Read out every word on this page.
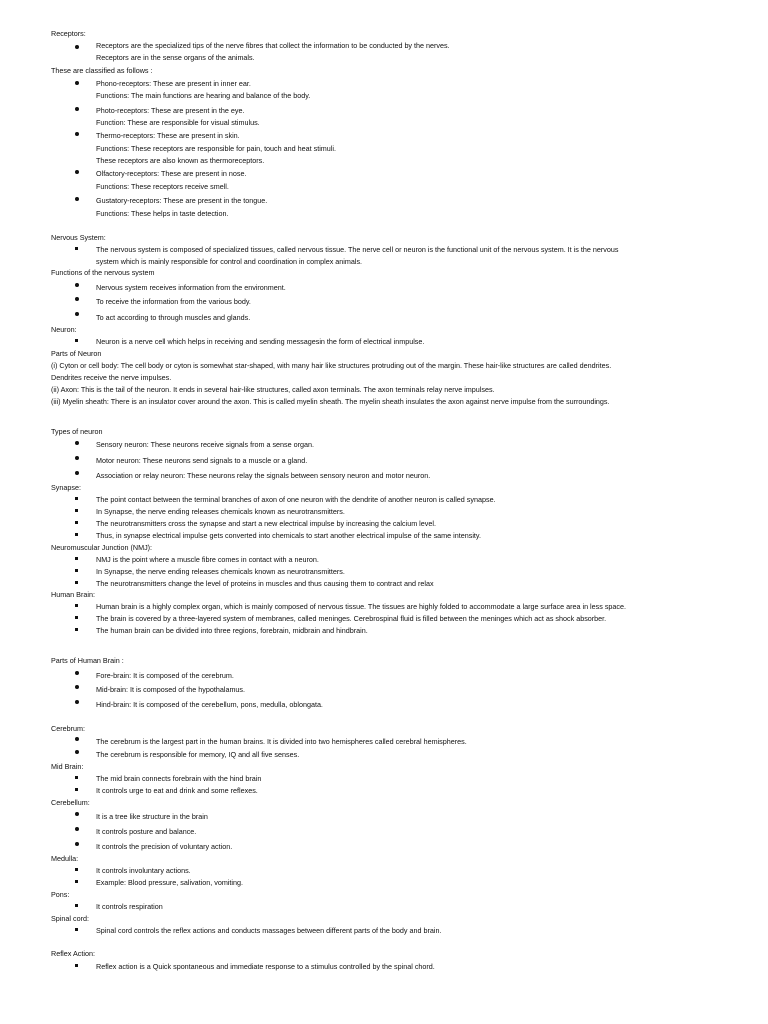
Receptors:
Receptors are the specialized tips of the nerve fibres that collect the information to be conducted by the nerves.
Receptors are in the sense organs of the animals.
These are classified as follows :
Phono-receptors: These are present in inner ear.
Functions: The main functions are hearing and balance of the body.
Photo-receptors: These are present in the eye.
Function: These are responsible for visual stimulus.
Thermo-receptors: These are present in skin.
Functions: These receptors are responsible for pain, touch and heat stimuli.
These receptors are also known as thermoreceptors.
Olfactory-receptors: These are present in nose.
Functions: These receptors receive smell.
Gustatory-receptors: These are present in the tongue.
Functions: These helps in taste detection.
Nervous System:
The nervous system is composed of specialized tissues, called nervous tissue. The nerve cell or neuron is the functional unit of the nervous system. It is the nervous
system which is mainly responsible for control and coordination in complex animals.
Functions of the nervous system
Nervous system receives information from the environment.
To receive the information from the various body.
To act according to through muscles and glands.
Neuron:
Neuron is a nerve cell which helps in receiving and sending messagesin the form of electrical inmpulse.
Parts of Neuron
(i) Cyton or cell body: The cell body or cyton is somewhat star-shaped, with many hair like structures protruding out of the margin. These hair-like structures are called dendrites.
Dendrites receive the nerve impulses.
(ii) Axon: This is the tail of the neuron. It ends in several hair-like structures, called axon terminals. The axon terminals relay nerve impulses.
(iii) Myelin sheath: There is an insulator cover around the axon. This is called myelin sheath. The myelin sheath insulates the axon against nerve impulse from the surroundings.
Types of neuron
Sensory neuron: These neurons receive signals from a sense organ.
Motor neuron: These neurons send signals to a muscle or a gland.
Association or relay neuron: These neurons relay the signals between sensory neuron and motor neuron.
Synapse:
The point contact between the terminal branches of axon of one neuron with the dendrite of another neuron is called synapse.
In Synapse, the nerve ending releases chemicals known as neurotransmitters.
The neurotransmitters cross the synapse and start a new electrical impulse by increasing the calcium level.
Thus, in synapse electrical impulse gets converted into chemicals to start another electrical impulse of the same intensity.
Neuromuscular Junction (NMJ):
NMJ is the point where a muscle fibre comes in contact with a neuron.
In Synapse, the nerve ending releases chemicals known as neurotransmitters.
The neurotransmitters change the level of proteins in muscles and thus causing them to contract and relax
Human Brain:
Human brain is a highly complex organ, which is mainly composed of nervous tissue. The tissues are highly folded to accommodate a large surface area in less space.
The brain is covered by a three-layered system of membranes, called meninges. Cerebrospinal fluid is filled between the meninges which act as shock absorber.
The human brain can be divided into three regions, forebrain, midbrain and hindbrain.
Parts of Human Brain :
Fore-brain: It is composed of the cerebrum.
Mid-brain: It is composed of the hypothalamus.
Hind-brain: It is composed of the cerebellum, pons, medulla, oblongata.
Cerebrum:
The cerebrum is the largest part in the human brains. It is divided into two hemispheres called cerebral hemispheres.
The cerebrum is responsible for memory, IQ and all five senses.
Mid Brain:
The mid brain connects forebrain with the hind brain
It controls urge to eat and drink and some reflexes.
Cerebellum:
It is a tree like structure in the brain
It controls posture and balance.
It controls the precision of voluntary action.
Medulla:
It controls involuntary actions.
Example: Blood pressure, salivation, vomiting.
Pons:
It controls respiration
Spinal cord:
Spinal cord controls the reflex actions and conducts massages between different parts of the body and brain.
Reflex Action:
Reflex action is a Quick spontaneous and immediate response to a stimulus controlled by the spinal chord.
